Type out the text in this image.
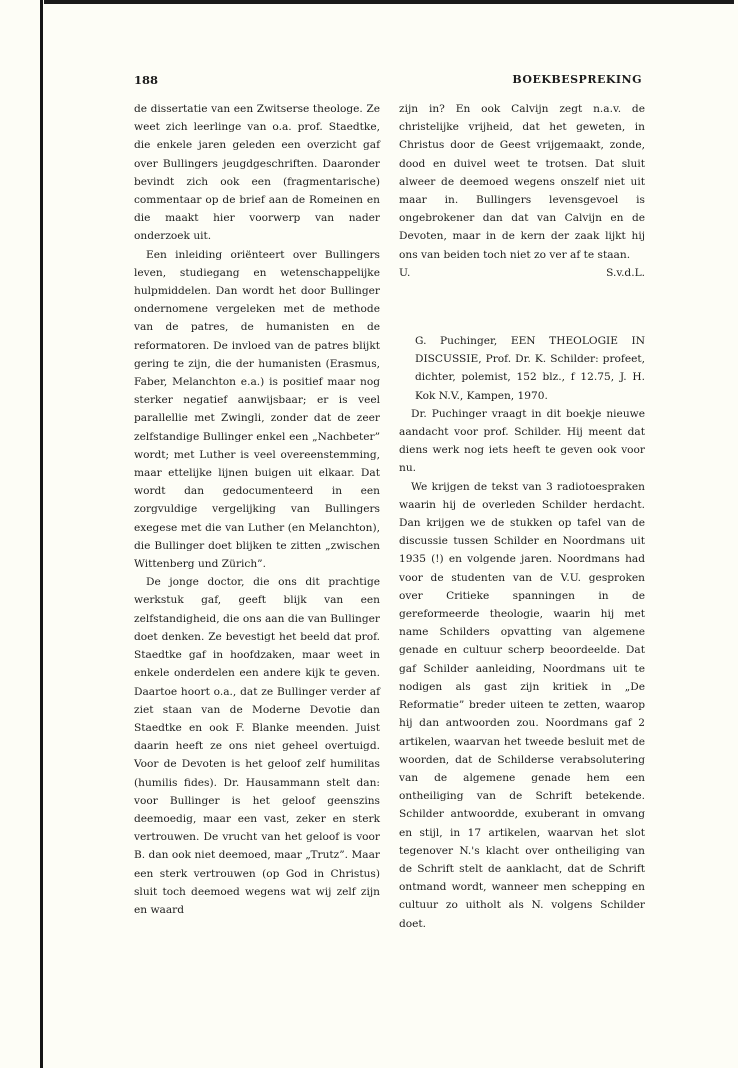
188	BOEKBESPREKING

de dissertatie van een Zwitserse theologe. Ze weet zich leerlinge van o.a. prof. Staedtke, die enkele jaren geleden een overzicht gaf over Bullingers jeugdgeschriften. Daaronder bevindt zich ook een (fragmentarische) commentaar op de brief aan de Romeinen en die maakt hier voorwerp van nader onderzoek uit.

Een inleiding oriënteert over Bullingers leven, studiegang en wetenschappelijke hulpmiddelen. Dan wordt het door Bullinger ondernomene vergeleken met de methode van de patres, de humanisten en de reformatoren. De invloed van de patres blijkt gering te zijn, die der humanisten (Erasmus, Faber, Melanchton e.a.) is positief maar nog sterker negatief aanwijsbaar; er is veel parallellie met Zwingli, zonder dat de zeer zelfstandige Bullinger enkel een „Nachbeter” wordt; met Luther is veel overeenstemming, maar ettelijke lijnen buigen uit elkaar. Dat wordt dan gedocumenteerd in een zorgvuldige vergelijking van Bullingers exegese met die van Luther (en Melanchton), die Bullinger doet blijken te zitten „zwischen Wittenberg und Zürich”.

De jonge doctor, die ons dit prachtige werkstuk gaf, geeft blijk van een zelfstandigheid, die ons aan die van Bullinger doet denken. Ze bevestigt het beeld dat prof. Staedtke gaf in hoofdzaken, maar weet in enkele onderdelen een andere kijk te geven. Daartoe hoort o.a., dat ze Bullinger verder af ziet staan van de Moderne Devotie dan Staedtke en ook F. Blanke meenden. Juist daarin heeft ze ons niet geheel overtuigd. Voor de Devoten is het geloof zelf humilitas (humilis fides). Dr. Hausammann stelt dan: voor Bullinger is het geloof geenszins deemoedig, maar een vast, zeker en sterk vertrouwen. De vrucht van het geloof is voor B. dan ook niet deemoed, maar „Trutz”. Maar een sterk vertrouwen (op God in Christus) sluit toch deemoed wegens wat wij zelf zijn en waard

zijn in? En ook Calvijn zegt n.a.v. de christelijke vrijheid, dat het geweten, in Christus door de Geest vrijgemaakt, zonde, dood en duivel weet te trotsen. Dat sluit alweer de deemoed wegens onszelf niet uit maar in. Bullingers levensgevoel is ongebrokener dan dat van Calvijn en de Devoten, maar in de kern der zaak lijkt hij ons van beiden toch niet zo ver af te staan.

U.	S.v.d.L.

G. Puchinger, EEN THEOLOGIE IN DISCUSSIE, Prof. Dr. K. Schilder: profeet, dichter, polemist, 152 blz., f 12.75, J. H. Kok N.V., Kampen, 1970.

Dr. Puchinger vraagt in dit boekje nieuwe aandacht voor prof. Schilder. Hij meent dat diens werk nog iets heeft te geven ook voor nu.

We krijgen de tekst van 3 radiotoespraken waarin hij de overleden Schilder herdacht. Dan krijgen we de stukken op tafel van de discussie tussen Schilder en Noordmans uit 1935 (!) en volgende jaren. Noordmans had voor de studenten van de V.U. gesproken over Critieke spanningen in de gereformeerde theologie, waarin hij met name Schilders opvatting van algemene genade en cultuur scherp beoordeelde. Dat gaf Schilder aanleiding, Noordmans uit te nodigen als gast zijn kritiek in „De Reformatie” breder uiteen te zetten, waarop hij dan antwoorden zou. Noordmans gaf 2 artikelen, waarvan het tweede besluit met de woorden, dat de Schilderse verabsolutering van de algemene genade hem een ontheiliging van de Schrift betekende. Schilder antwoordde, exuberant in omvang en stijl, in 17 artikelen, waarvan het slot tegenover N.'s klacht over ontheiliging van de Schrift stelt de aanklacht, dat de Schrift ontmand wordt, wanneer men schepping en cultuur zo uitholt als N. volgens Schilder doet.
